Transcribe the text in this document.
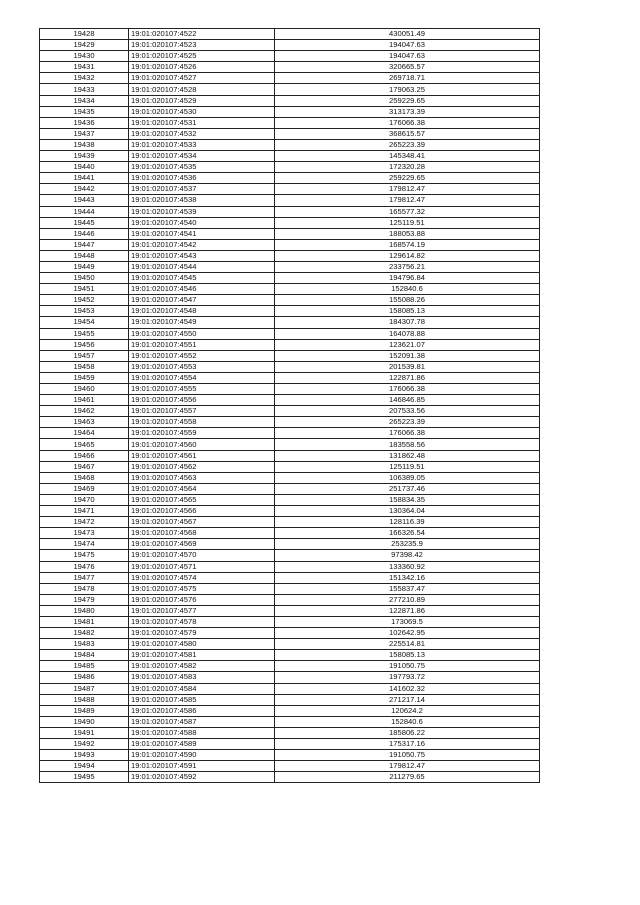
19428	19:01:020107:4522	430051.49
19429	19:01:020107:4523	194047.63
19430	19:01:020107:4525	194047.63
19431	19:01:020107:4526	320665.57
19432	19:01:020107:4527	269718.71
19433	19:01:020107:4528	179063.25
19434	19:01:020107:4529	259229.65
19435	19:01:020107:4530	313173.39
19436	19:01:020107:4531	176066.38
19437	19:01:020107:4532	368615.57
19438	19:01:020107:4533	265223.39
19439	19:01:020107:4534	145348.41
19440	19:01:020107:4535	172320.28
19441	19:01:020107:4536	259229.65
19442	19:01:020107:4537	179812.47
19443	19:01:020107:4538	179812.47
19444	19:01:020107:4539	165577.32
19445	19:01:020107:4540	125119.51
19446	19:01:020107:4541	188053.88
19447	19:01:020107:4542	168574.19
19448	19:01:020107:4543	129614.82
19449	19:01:020107:4544	233756.21
19450	19:01:020107:4545	194796.84
19451	19:01:020107:4546	152840.6
19452	19:01:020107:4547	155088.26
19453	19:01:020107:4548	158085.13
19454	19:01:020107:4549	184307.78
19455	19:01:020107:4550	164078.88
19456	19:01:020107:4551	123621.07
19457	19:01:020107:4552	152091.38
19458	19:01:020107:4553	201539.81
19459	19:01:020107:4554	122871.86
19460	19:01:020107:4555	176066.38
19461	19:01:020107:4556	146846.85
19462	19:01:020107:4557	207533.56
19463	19:01:020107:4558	265223.39
19464	19:01:020107:4559	176066.38
19465	19:01:020107:4560	183558.56
19466	19:01:020107:4561	131862.48
19467	19:01:020107:4562	125119.51
19468	19:01:020107:4563	106389.05
19469	19:01:020107:4564	251737.46
19470	19:01:020107:4565	158834.35
19471	19:01:020107:4566	130364.04
19472	19:01:020107:4567	128116.39
19473	19:01:020107:4568	166326.54
19474	19:01:020107:4569	253235.9
19475	19:01:020107:4570	97398.42
19476	19:01:020107:4571	133360.92
19477	19:01:020107:4574	151342.16
19478	19:01:020107:4575	155837.47
19479	19:01:020107:4576	277210.89
19480	19:01:020107:4577	122871.86
19481	19:01:020107:4578	173069.5
19482	19:01:020107:4579	102642.95
19483	19:01:020107:4580	225514.81
19484	19:01:020107:4581	158085.13
19485	19:01:020107:4582	191050.75
19486	19:01:020107:4583	197793.72
19487	19:01:020107:4584	141602.32
19488	19:01:020107:4585	271217.14
19489	19:01:020107:4586	120624.2
19490	19:01:020107:4587	152840.6
19491	19:01:020107:4588	185806.22
19492	19:01:020107:4589	175317.16
19493	19:01:020107:4590	191050.75
19494	19:01:020107:4591	179812.47
19495	19:01:020107:4592	211279.65
